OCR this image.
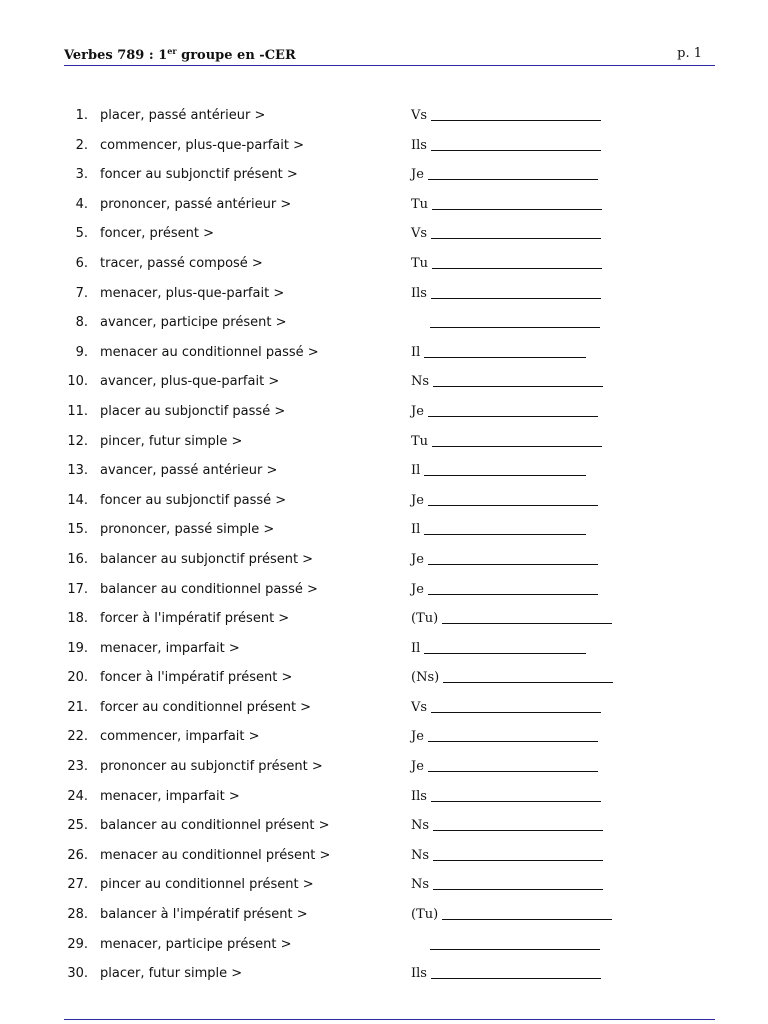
Verbes 789 : 1er groupe en -CER	p. 1
1. placer, passé antérieur >	Vs
2. commencer, plus-que-parfait >	Ils
3. foncer au subjonctif présent >	Je
4. prononcer, passé antérieur >	Tu
5. foncer, présent >	Vs
6. tracer, passé composé >	Tu
7. menacer, plus-que-parfait >	Ils
8. avancer, participe présent >
9. menacer au conditionnel passé >	Il
10. avancer, plus-que-parfait >	Ns
11. placer au subjonctif passé >	Je
12. pincer, futur simple >	Tu
13. avancer, passé antérieur >	Il
14. foncer au subjonctif passé >	Je
15. prononcer, passé simple >	Il
16. balancer au subjonctif présent >	Je
17. balancer au conditionnel passé >	Je
18. forcer à l'impératif présent >	(Tu)
19. menacer, imparfait >	Il
20. foncer à l'impératif présent >	(Ns)
21. forcer au conditionnel présent >	Vs
22. commencer, imparfait >	Je
23. prononcer au subjonctif présent >	Je
24. menacer, imparfait >	Ils
25. balancer au conditionnel présent >	Ns
26. menacer au conditionnel présent >	Ns
27. pincer au conditionnel présent >	Ns
28. balancer à l'impératif présent >	(Tu)
29. menacer, participe présent >
30. placer, futur simple >	Ils
